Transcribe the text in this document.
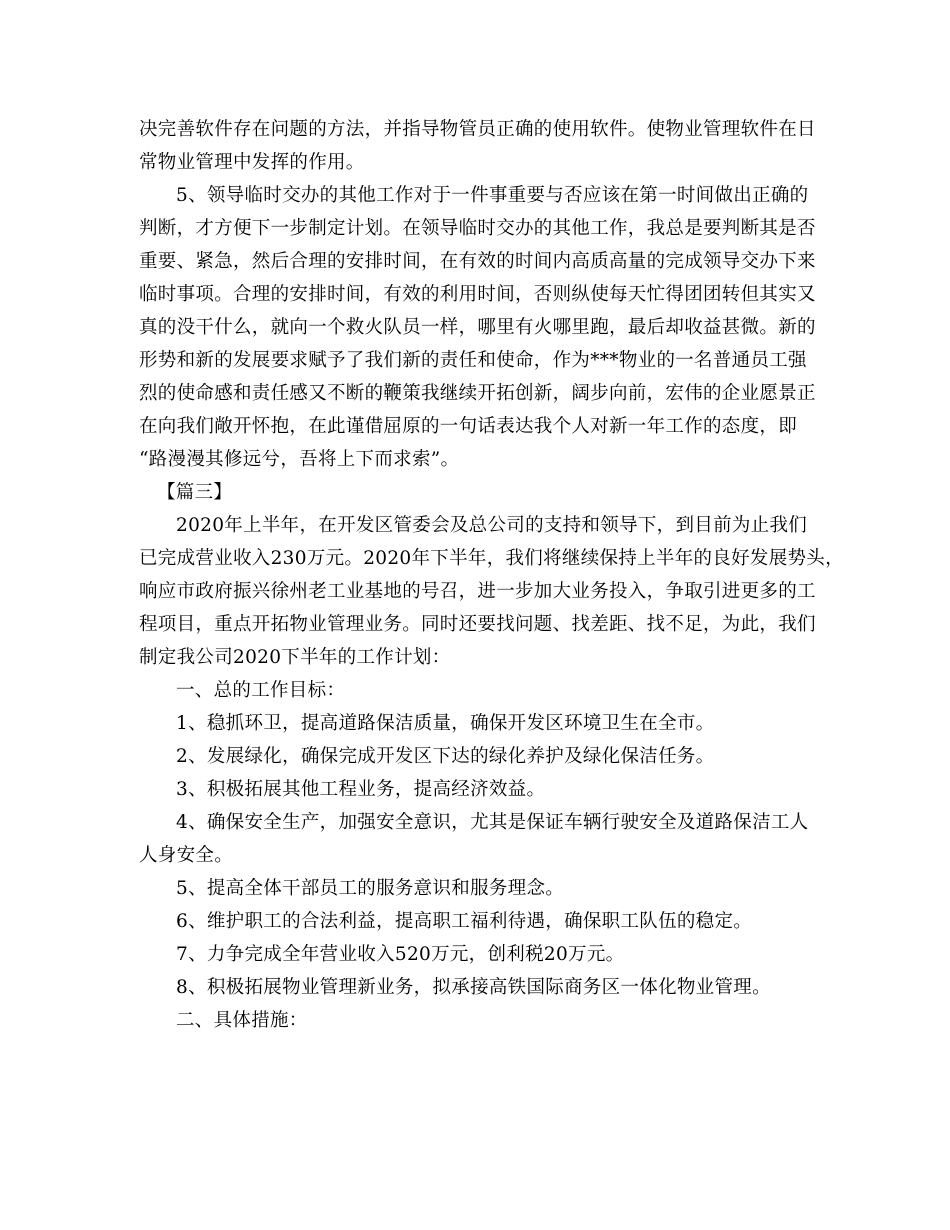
决完善软件存在问题的方法，并指导物管员正确的使用软件。使物业管理软件在日
常物业管理中发挥的作用。
5、领导临时交办的其他工作对于一件事重要与否应该在第一时间做出正确的
判断，才方便下一步制定计划。在领导临时交办的其他工作，我总是要判断其是否
重要、紧急，然后合理的安排时间，在有效的时间内高质高量的完成领导交办下来
临时事项。合理的安排时间，有效的利用时间，否则纵使每天忙得团团转但其实又
真的没干什么，就向一个救火队员一样，哪里有火哪里跑，最后却收益甚微。新的
形势和新的发展要求赋予了我们新的责任和使命，作为***物业的一名普通员工强
烈的使命感和责任感又不断的鞭策我继续开拓创新，阔步向前，宏伟的企业愿景正
在向我们敞开怀抱，在此谨借屈原的一句话表达我个人对新一年工作的态度，即
“路漫漫其修远兮，吾将上下而求索”。
【篇三】
2020年上半年，在开发区管委会及总公司的支持和领导下，到目前为止我们
已完成营业收入230万元。2020年下半年，我们将继续保持上半年的良好发展势头，
响应市政府振兴徐州老工业基地的号召，进一步加大业务投入，争取引进更多的工
程项目，重点开拓物业管理业务。同时还要找问题、找差距、找不足，为此，我们
制定我公司2020下半年的工作计划：
一、总的工作目标：
1、稳抓环卫，提高道路保洁质量，确保开发区环境卫生在全市。
2、发展绿化，确保完成开发区下达的绿化养护及绿化保洁任务。
3、积极拓展其他工程业务，提高经济效益。
4、确保安全生产，加强安全意识，尤其是保证车辆行驶安全及道路保洁工人
人身安全。
5、提高全体干部员工的服务意识和服务理念。
6、维护职工的合法利益，提高职工福利待遇，确保职工队伍的稳定。
7、力争完成全年营业收入520万元，创利税20万元。
8、积极拓展物业管理新业务，拟承接高铁国际商务区一体化物业管理。
二、具体措施：
